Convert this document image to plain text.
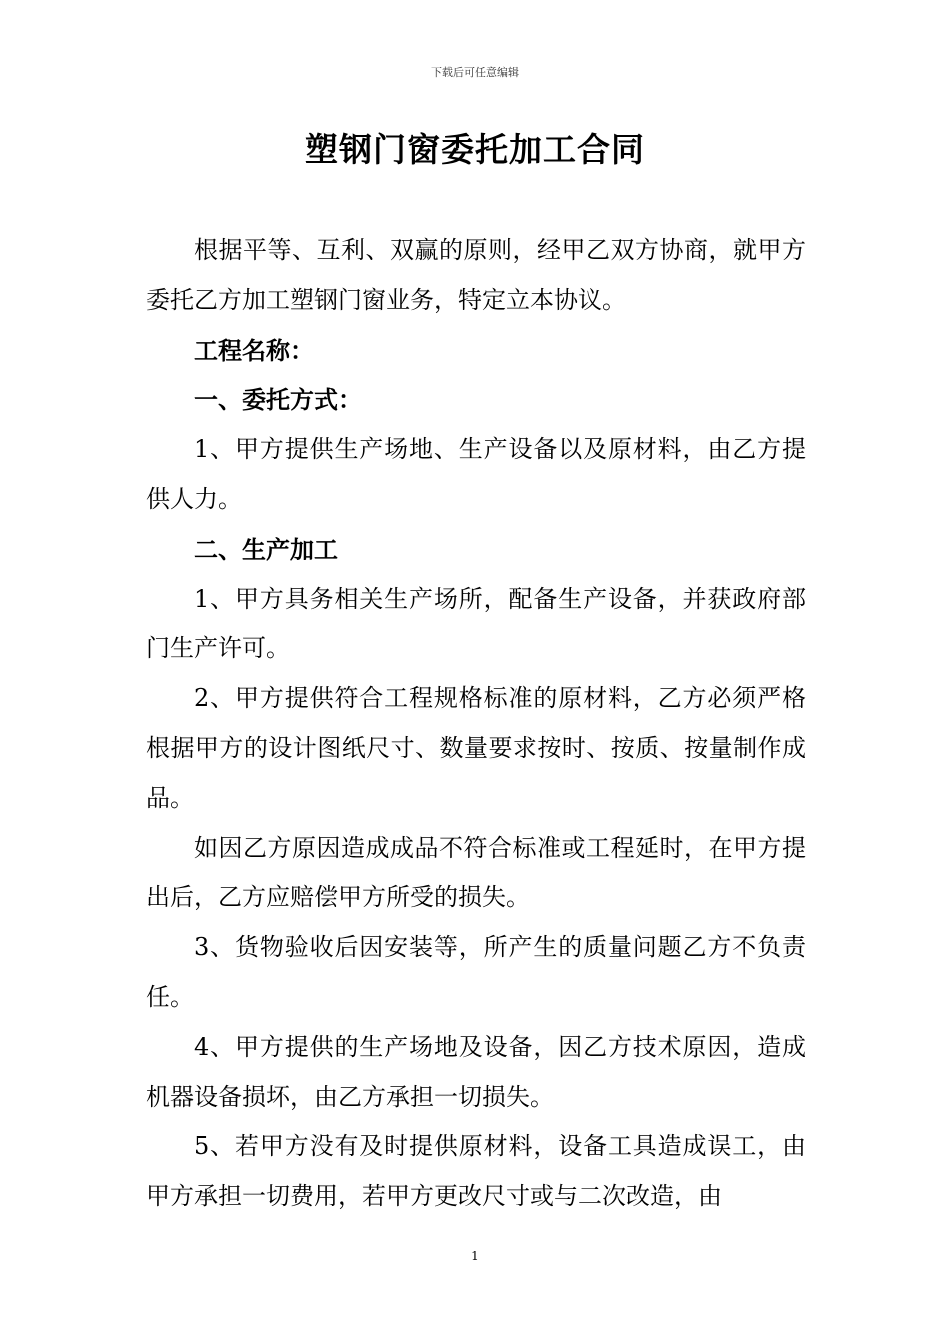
下载后可任意编辑
塑钢门窗委托加工合同

根据平等、互利、双赢的原则，经甲乙双方协商，就甲方委托乙方加工塑钢门窗业务，特定立本协议。

工程名称：

一、委托方式：

1、甲方提供生产场地、生产设备以及原材料，由乙方提供人力。

二、生产加工

1、甲方具务相关生产场所，配备生产设备，并获政府部门生产许可。

2、甲方提供符合工程规格标准的原材料，乙方必须严格根据甲方的设计图纸尺寸、数量要求按时、按质、按量制作成品。

如因乙方原因造成成品不符合标准或工程延时，在甲方提出后，乙方应赔偿甲方所受的损失。

3、货物验收后因安装等，所产生的质量问题乙方不负责任。

4、甲方提供的生产场地及设备，因乙方技术原因，造成机器设备损坏，由乙方承担一切损失。

5、若甲方没有及时提供原材料，设备工具造成误工，由甲方承担一切费用，若甲方更改尺寸或与二次改造，由

1
